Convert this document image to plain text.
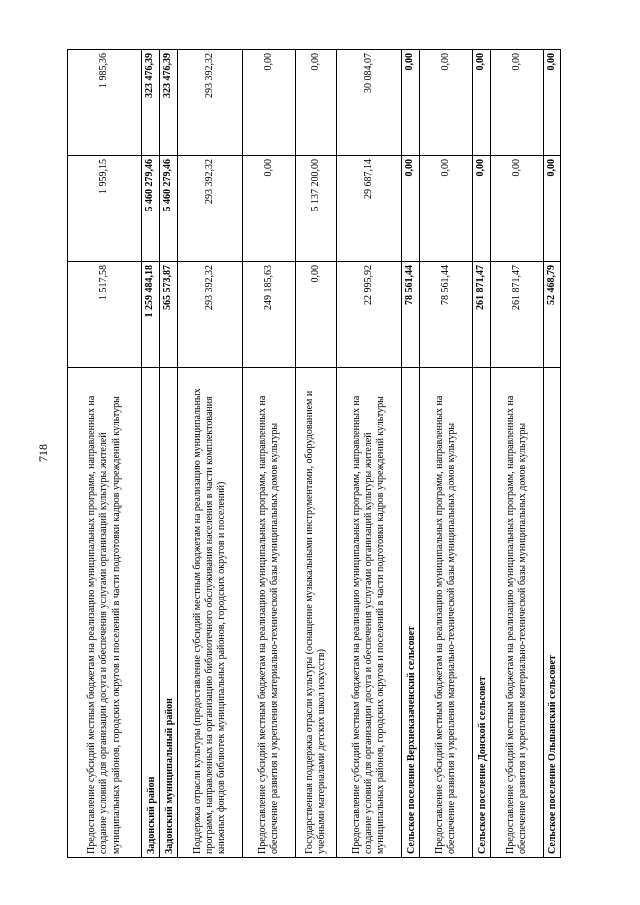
718	Предоставление субсидий местным бюджетам на реализацию муниципальных программ, направленных на создание условий для организации досуга и обеспечения услугами организаций культуры жителей муниципальных районов, городских округов и поселений в части подготовки кадров учреждений культуры	1 517,58	1 959,15	1 985,36
Задонский район	1 259 484,18	5 460 279,46	323 476,39
Задонский муниципальный район	565 573,87	5 460 279,46	323 476,39
Поддержка отрасли культуры (предоставление субсидий местным бюджетам на реализацию муниципальных программ, направленных на организацию библиотечного обслуживания населения в части комплектования книжных фондов библиотек муниципальных районов, городских округов и поселений)	293 392,32	293 392,32	293 392,32
Предоставление субсидий местным бюджетам на реализацию муниципальных программ, направленных на обеспечение развития и укрепления материально-технической базы муниципальных домов культуры	249 185,63	0,00	0,00
Государственная поддержка отрасли культуры (оснащение музыкальными инструментами, оборудованием и учебными материалами детских школ искусств)	0,00	5 137 200,00	0,00
Предоставление субсидий местным бюджетам на реализацию муниципальных программ, направленных на создание условий для организации досуга и обеспечения услугами организаций культуры жителей муниципальных районов, городских округов и поселений в части подготовки кадров учреждений культуры	22 995,92	29 687,14	30 084,07
Сельское поселение Верхнеказаченский сельсовет	78 561,44	0,00	0,00
Предоставление субсидий местным бюджетам на реализацию муниципальных программ, направленных на обеспечение развития и укрепления материально-технической базы муниципальных домов культуры	78 561,44	0,00	0,00
Сельское поселение Донской сельсовет	261 871,47	0,00	0,00
Предоставление субсидий местным бюджетам на реализацию муниципальных программ, направленных на обеспечение развития и укрепления материально-технической базы муниципальных домов культуры	261 871,47	0,00	0,00
Сельское поселение Ольшанский сельсовет	52 468,79	0,00	0,00
